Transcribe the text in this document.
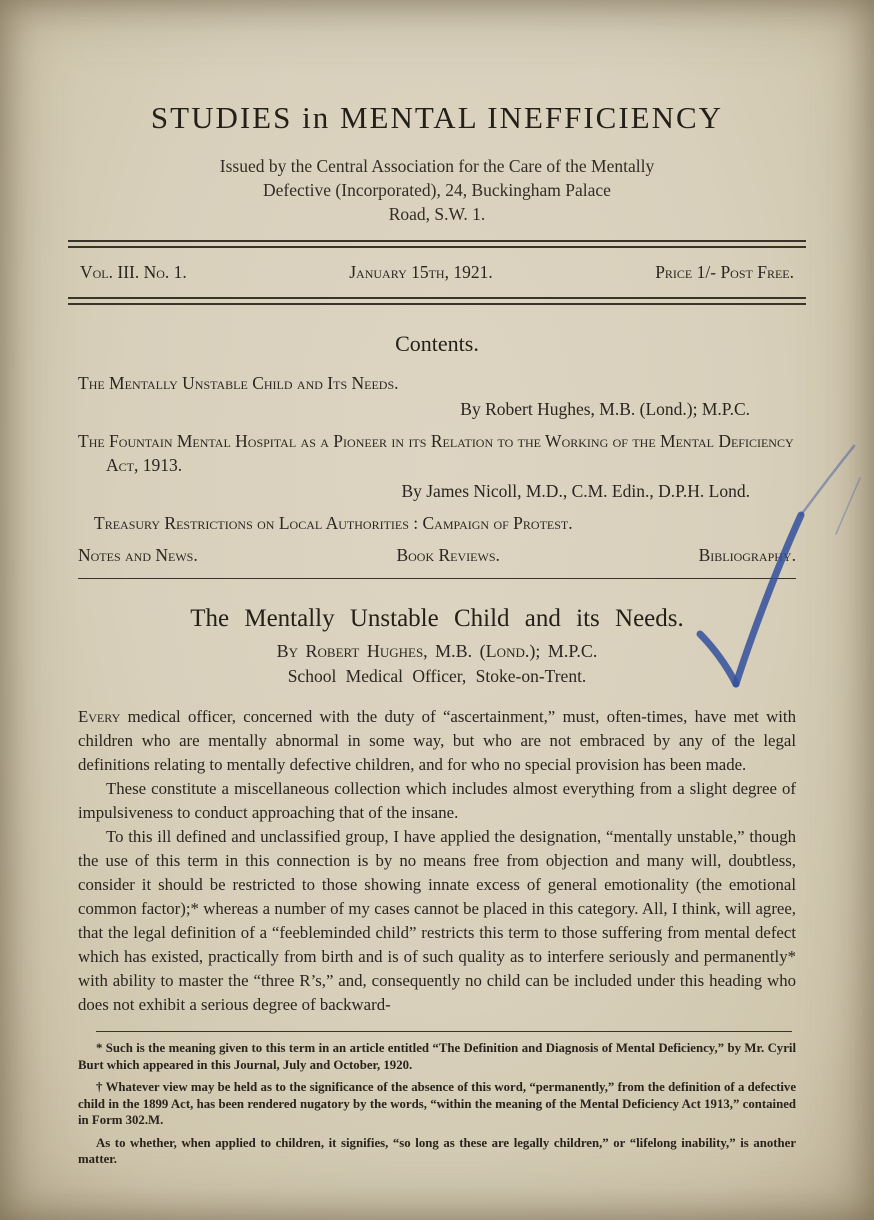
STUDIES in MENTAL INEFFICIENCY
Issued by the Central Association for the Care of the Mentally
Defective (Incorporated), 24, Buckingham Palace
Road, S.W. 1.
Vol. III. No. 1.	January 15th, 1921.	Price 1/- Post Free.
Contents.
The Mentally Unstable Child and Its Needs.
By Robert Hughes, M.B. (Lond.); M.P.C.
The Fountain Mental Hospital as a Pioneer in its Relation to the Working of the Mental Deficiency Act, 1913.
By James Nicoll, M.D., C.M. Edin., D.P.H. Lond.
Treasury Restrictions on Local Authorities : Campaign of Protest.
Notes and News.	Book Reviews.	Bibliography.
The Mentally Unstable Child and its Needs.
By Robert Hughes, M.B. (Lond.); M.P.C.
School Medical Officer, Stoke-on-Trent.

Every medical officer, concerned with the duty of “ascertainment,” must, often-times, have met with children who are mentally abnormal in some way, but who are not embraced by any of the legal definitions relating to mentally defective children, and for who no special provision has been made.

These constitute a miscellaneous collection which includes almost everything from a slight degree of impulsiveness to conduct approaching that of the insane.

To this ill defined and unclassified group, I have applied the designation, “mentally unstable,” though the use of this term in this connection is by no means free from objection and many will, doubtless, consider it should be restricted to those showing innate excess of general emotionality (the emotional common factor);* whereas a number of my cases cannot be placed in this category. All, I think, will agree, that the legal definition of a “feebleminded child” restricts this term to those suffering from mental defect which has existed, practically from birth and is of such quality as to interfere seriously and permanently* with ability to master the “three R’s,” and, consequently no child can be included under this heading who does not exhibit a serious degree of backward-

* Such is the meaning given to this term in an article entitled “The Definition and Diagnosis of Mental Deficiency,” by Mr. Cyril Burt which appeared in this Journal, July and October, 1920.

† Whatever view may be held as to the significance of the absence of this word, “permanently,” from the definition of a defective child in the 1899 Act, has been rendered nugatory by the words, “within the meaning of the Mental Deficiency Act 1913,” contained in Form 302.M.

As to whether, when applied to children, it signifies, “so long as these are legally children,” or “lifelong inability,” is another matter.
